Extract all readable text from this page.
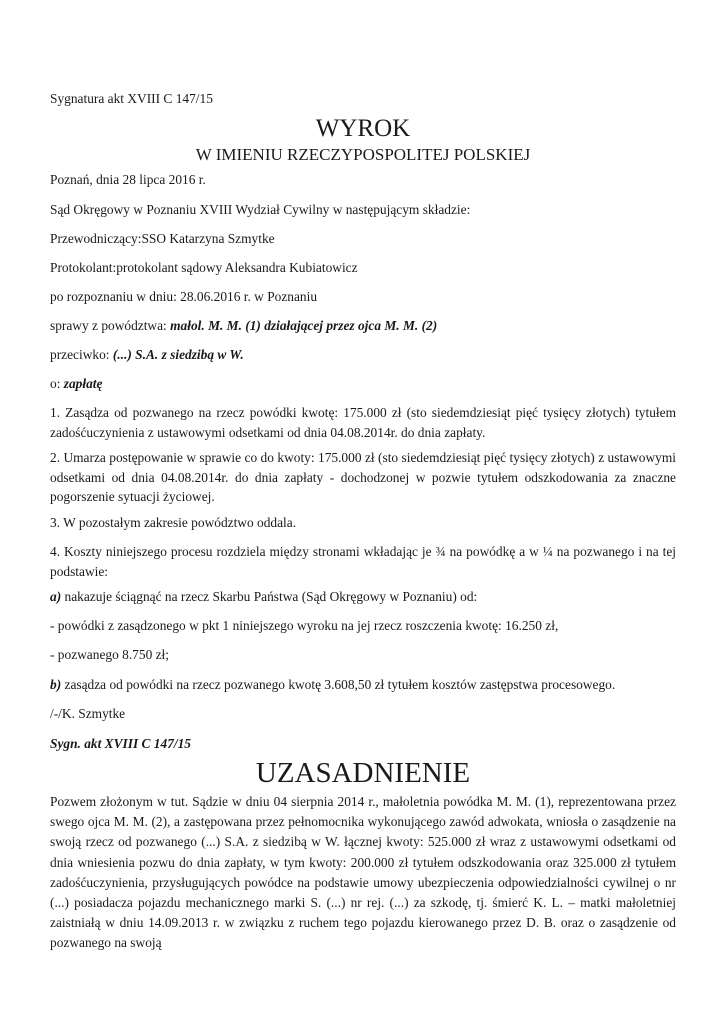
Sygnatura akt XVIII C 147/15

WYROK

W IMIENIU RZECZYPOSPOLITEJ POLSKIEJ

Poznań, dnia 28 lipca 2016 r.

Sąd Okręgowy w Poznaniu XVIII Wydział Cywilny w następującym składzie:

Przewodniczący:SSO Katarzyna Szmytke

Protokolant:protokolant sądowy Aleksandra Kubiatowicz

po rozpoznaniu w dniu: 28.06.2016 r. w Poznaniu

sprawy z powództwa: małol. M. M. (1) działającej przez ojca M. M. (2)

przeciwko: (...) S.A. z siedzibą w W.

o: zapłatę

1. Zasądza od pozwanego na rzecz powódki kwotę: 175.000 zł (sto siedemdziesiąt pięć tysięcy złotych) tytułem zadośćuczynienia z ustawowymi odsetkami od dnia 04.08.2014r. do dnia zapłaty.

2. Umarza postępowanie w sprawie co do kwoty: 175.000 zł (sto siedemdziesiąt pięć tysięcy złotych) z ustawowymi odsetkami od dnia 04.08.2014r. do dnia zapłaty - dochodzonej w pozwie tytułem odszkodowania za znaczne pogorszenie sytuacji życiowej.

3. W pozostałym zakresie powództwo oddala.

4. Koszty niniejszego procesu rozdziela między stronami wkładając je ¾ na powódkę a w ¼ na pozwanego i na tej podstawie:

a) nakazuje ściągnąć na rzecz Skarbu Państwa (Sąd Okręgowy w Poznaniu) od:

- powódki z zasądzonego w pkt 1 niniejszego wyroku na jej rzecz roszczenia kwotę: 16.250 zł,

- pozwanego 8.750 zł;

b) zasądza od powódki na rzecz pozwanego kwotę 3.608,50 zł tytułem kosztów zastępstwa procesowego.

/-/K. Szmytke

Sygn. akt XVIII C 147/15

UZASADNIENIE

Pozwem złożonym w tut. Sądzie w dniu 04 sierpnia 2014 r., małoletnia powódka M. M. (1), reprezentowana przez swego ojca M. M. (2), a zastępowana przez pełnomocnika wykonującego zawód adwokata, wniosła o zasądzenie na swoją rzecz od pozwanego (...) S.A. z siedzibą w W. łącznej kwoty: 525.000 zł wraz z ustawowymi odsetkami od dnia wniesienia pozwu do dnia zapłaty, w tym kwoty: 200.000 zł tytułem odszkodowania oraz 325.000 zł tytułem zadośćuczynienia, przysługujących powódce na podstawie umowy ubezpieczenia odpowiedzialności cywilnej o nr (...) posiadacza pojazdu mechanicznego marki S. (...) nr rej. (...) za szkodę, tj. śmierć K. L. – matki małoletniej zaistniałą w dniu 14.09.2013 r. w związku z ruchem tego pojazdu kierowanego przez D. B. oraz o zasądzenie od pozwanego na swoją
